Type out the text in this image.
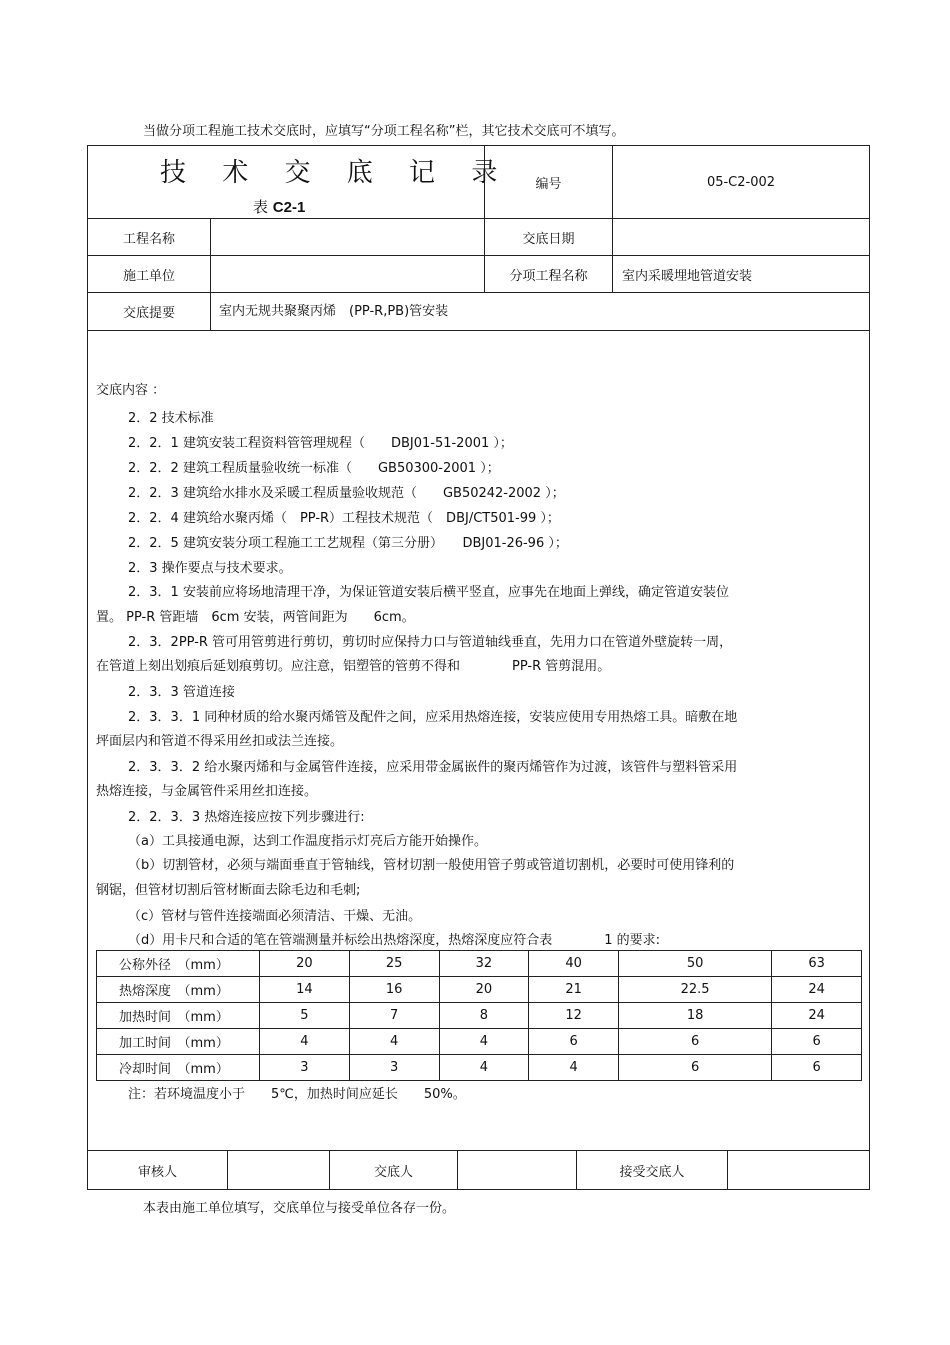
当做分项工程施工技术交底时，应填写“分项工程名称”栏，其它技术交底可不填写。
技 术 交 底 记 录
表 C2-1
编号	05-C2-002
工程名称	交底日期
施工单位	分项工程名称	室内采暖埋地管道安装
交底提要	室内无规共聚聚丙烯　(PP-R,PB)管安装
交底内容 ：
2．2 技术标准
2．2．1 建筑安装工程资料管管理规程（　　DBJ01-51-2001 ）；
2．2．2 建筑工程质量验收统一标准（　　GB50300-2001 ）；
2．2．3 建筑给水排水及采暖工程质量验收规范（　　GB50242-2002 ）；
2．2．4 建筑给水聚丙烯（　PP-R）工程技术规范（　DBJ/CT501-99 ）；
2．2．5 建筑安装分项工程施工工艺规程（第三分册）　　DBJ01-26-96 ）；
2．3 操作要点与技术要求。
2．3．1 安装前应将场地清理干净，为保证管道安装后横平竖直，应事先在地面上弹线，确定管道安装位
置。 PP-R 管距墙　6cm 安装，两管间距为　　6cm。
2．3．2PP-R 管可用管剪进行剪切，剪切时应保持力口与管道轴线垂直，先用力口在管道外壁旋转一周，
在管道上刻出划痕后延划痕剪切。应注意，铝塑管的管剪不得和　　　　PP-R 管剪混用。
2．3．3 管道连接
2．3．3．1 同种材质的给水聚丙烯管及配件之间，应采用热熔连接，安装应使用专用热熔工具。暗敷在地
坪面层内和管道不得采用丝扣或法兰连接。
2．3．3．2 给水聚丙烯和与金属管件连接，应采用带金属嵌件的聚丙烯管作为过渡，该管件与塑料管采用
热熔连接，与金属管件采用丝扣连接。
2．2．3．3 热熔连接应按下列步骤进行:
（a）工具接通电源，达到工作温度指示灯亮后方能开始操作。
（b）切割管材，必须与端面垂直于管轴线，管材切割一般使用管子剪或管道切割机，必要时可使用锋利的
钢锯，但管材切割后管材断面去除毛边和毛刺;
（c）管材与管件连接端面必须清洁、干燥、无油。
（d）用卡尺和合适的笔在管端测量并标绘出热熔深度，热熔深度应符合表　　　　1 的要求:
公称外径　（mm）	20	25	32	40	50	63
热熔深度　（mm）	14	16	20	21	22.5	24
加热时间　（mm）	5	7	8	12	18	24
加工时间　（mm）	4	4	4	6	6	6
冷却时间　（mm）	3	3	4	4	6	6
注：若环境温度小于　　5℃，加热时间应延长　　50%。
审核人	交底人	接受交底人
本表由施工单位填写，交底单位与接受单位各存一份。
